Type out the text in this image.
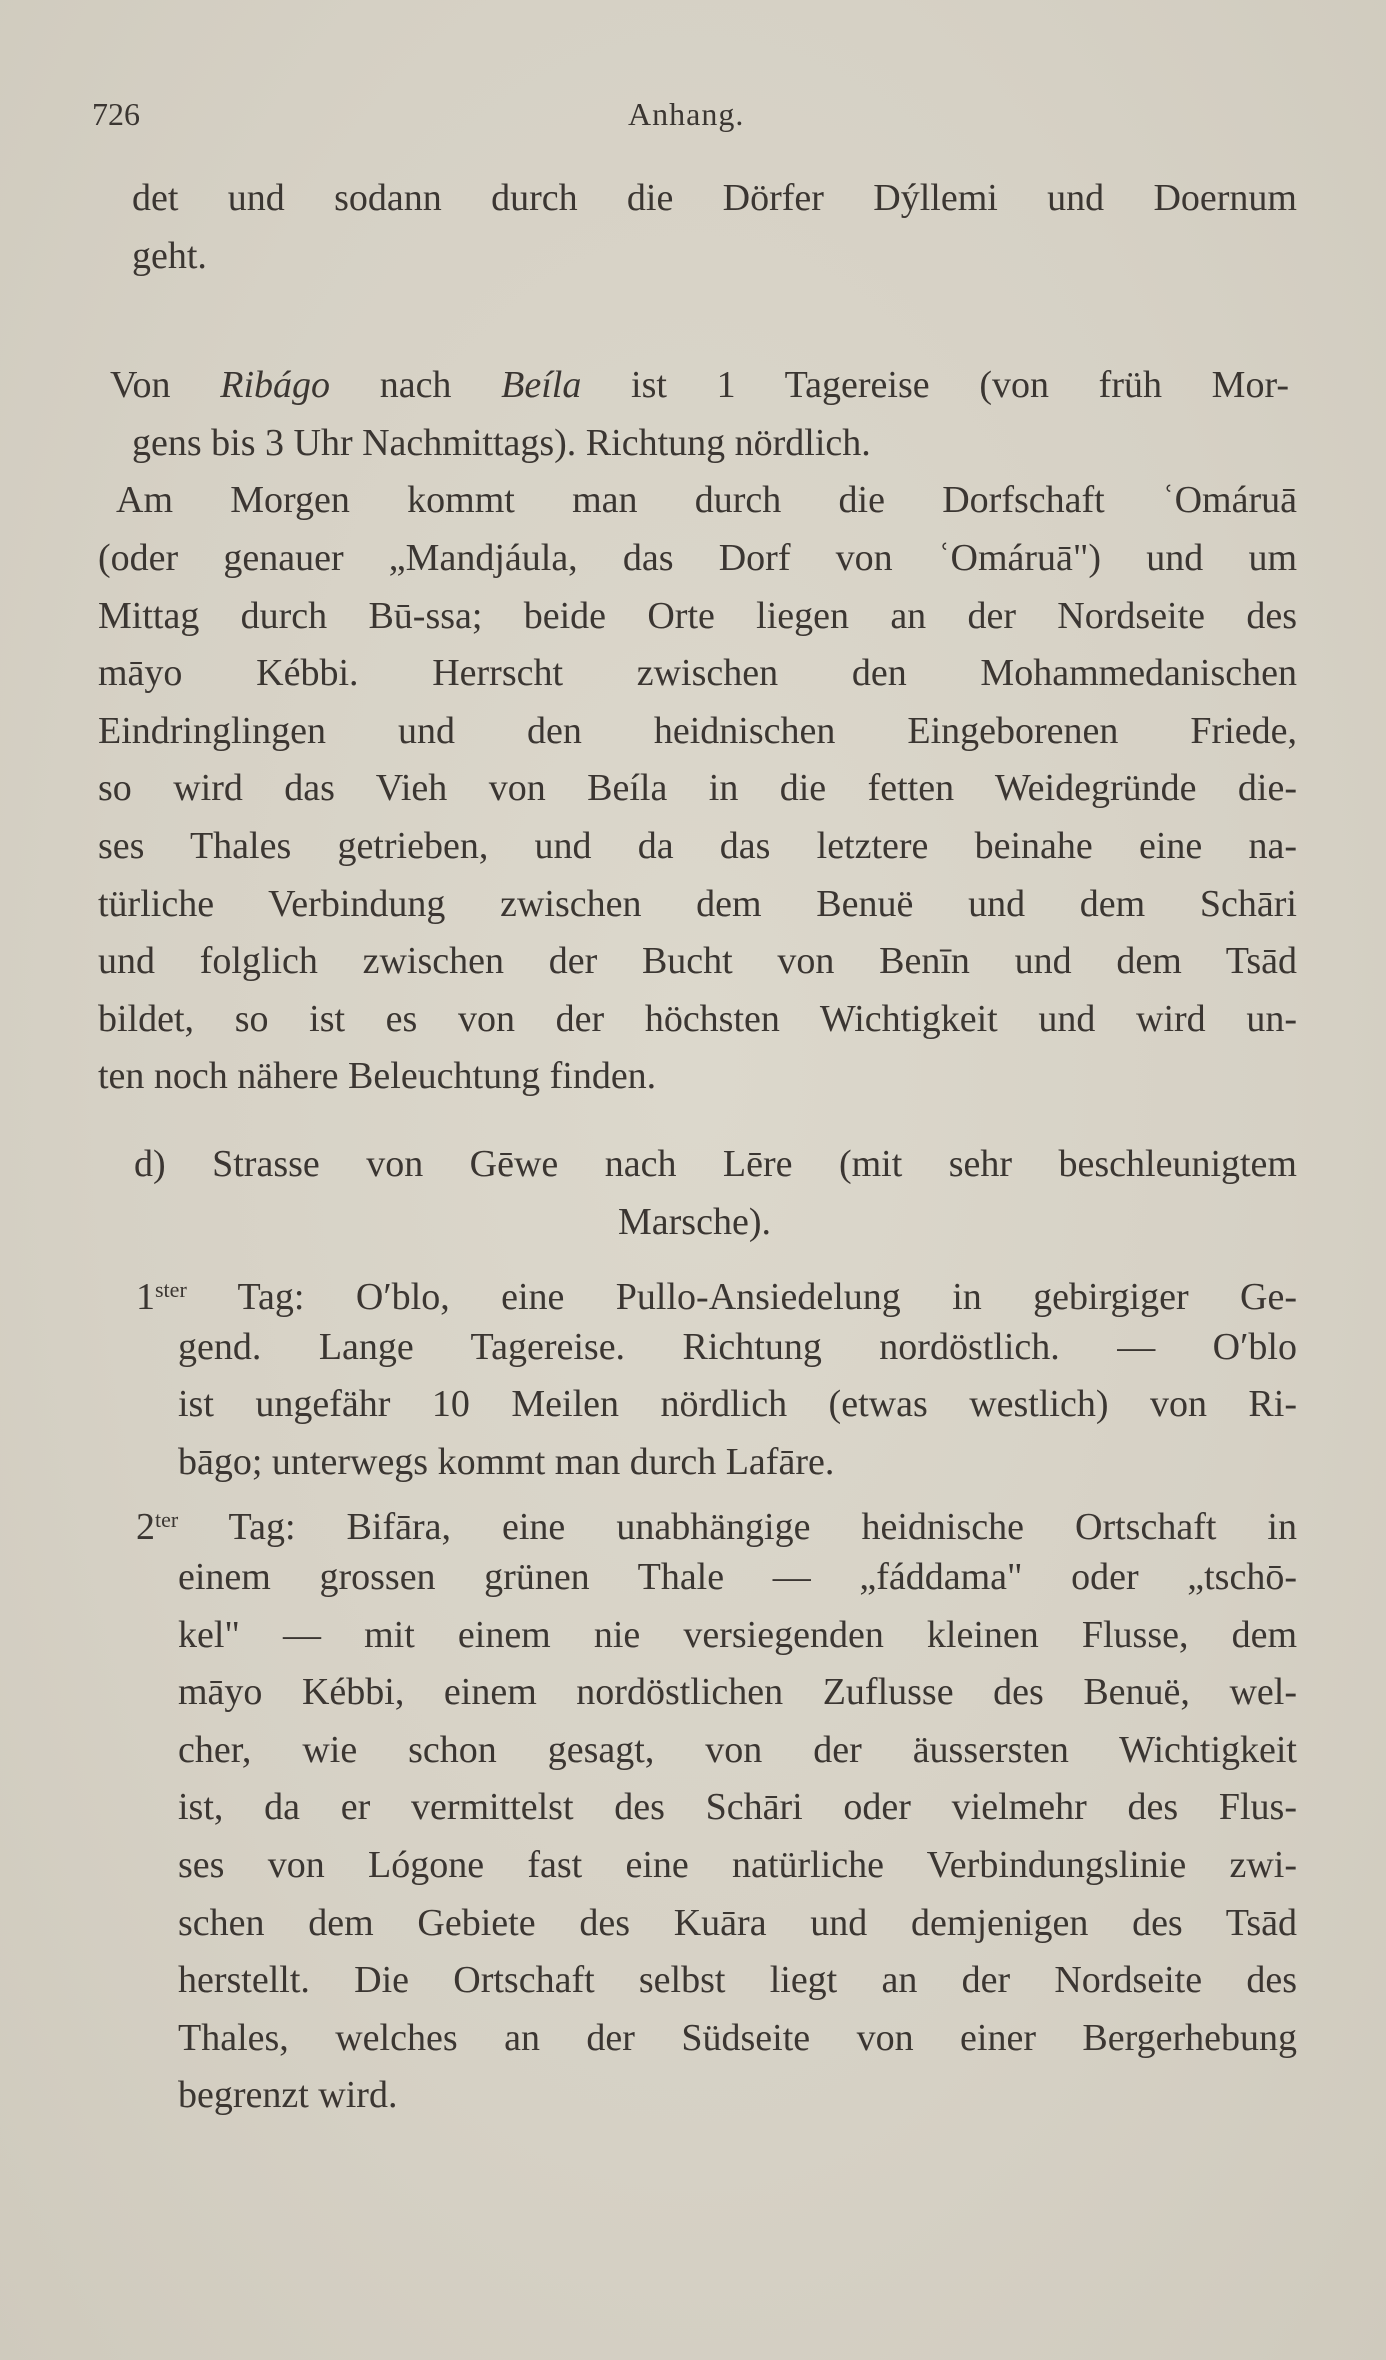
726	Anhang.
det und sodann durch die Dörfer Dýllemi und Doernum
geht.
Von Ribágo nach Beíla ist 1 Tagereise (von früh Mor-
gens bis 3 Uhr Nachmittags). Richtung nördlich.
Am Morgen kommt man durch die Dorfschaft ʿOmáruā
(oder genauer „Mandjáula, das Dorf von ʿOmáruā") und um
Mittag durch Bū-ssa; beide Orte liegen an der Nordseite des
māyo Kébbi. Herrscht zwischen den Mohammedanischen
Eindringlingen und den heidnischen Eingeborenen Friede,
so wird das Vieh von Beíla in die fetten Weidegründe die-
ses Thales getrieben, und da das letztere beinahe eine na-
türliche Verbindung zwischen dem Benuë und dem Schāri
und folglich zwischen der Bucht von Benīn und dem Tsād
bildet, so ist es von der höchsten Wichtigkeit und wird un-
ten noch nähere Beleuchtung finden.
d) Strasse von Gēwe nach Lēre (mit sehr beschleunigtem
Marsche).
$1^{ster}$ Tag: Oʹblo, eine Pullo-Ansiedelung in gebirgiger Ge-
gend. Lange Tagereise. Richtung nordöstlich. — Oʹblo
ist ungefähr 10 Meilen nördlich (etwas westlich) von Ri-
bāgo; unterwegs kommt man durch Lafāre.
$2^{ter}$ Tag: Bifāra, eine unabhängige heidnische Ortschaft in
einem grossen grünen Thale — „fáddama" oder „tschō-
kel" — mit einem nie versiegenden kleinen Flusse, dem
māyo Kébbi, einem nordöstlichen Zuflusse des Benuë, wel-
cher, wie schon gesagt, von der äussersten Wichtigkeit
ist, da er vermittelst des Schāri oder vielmehr des Flus-
ses von Lógone fast eine natürliche Verbindungslinie zwi-
schen dem Gebiete des Kuāra und demjenigen des Tsād
herstellt. Die Ortschaft selbst liegt an der Nordseite des
Thales, welches an der Südseite von einer Bergerhebung
begrenzt wird.
